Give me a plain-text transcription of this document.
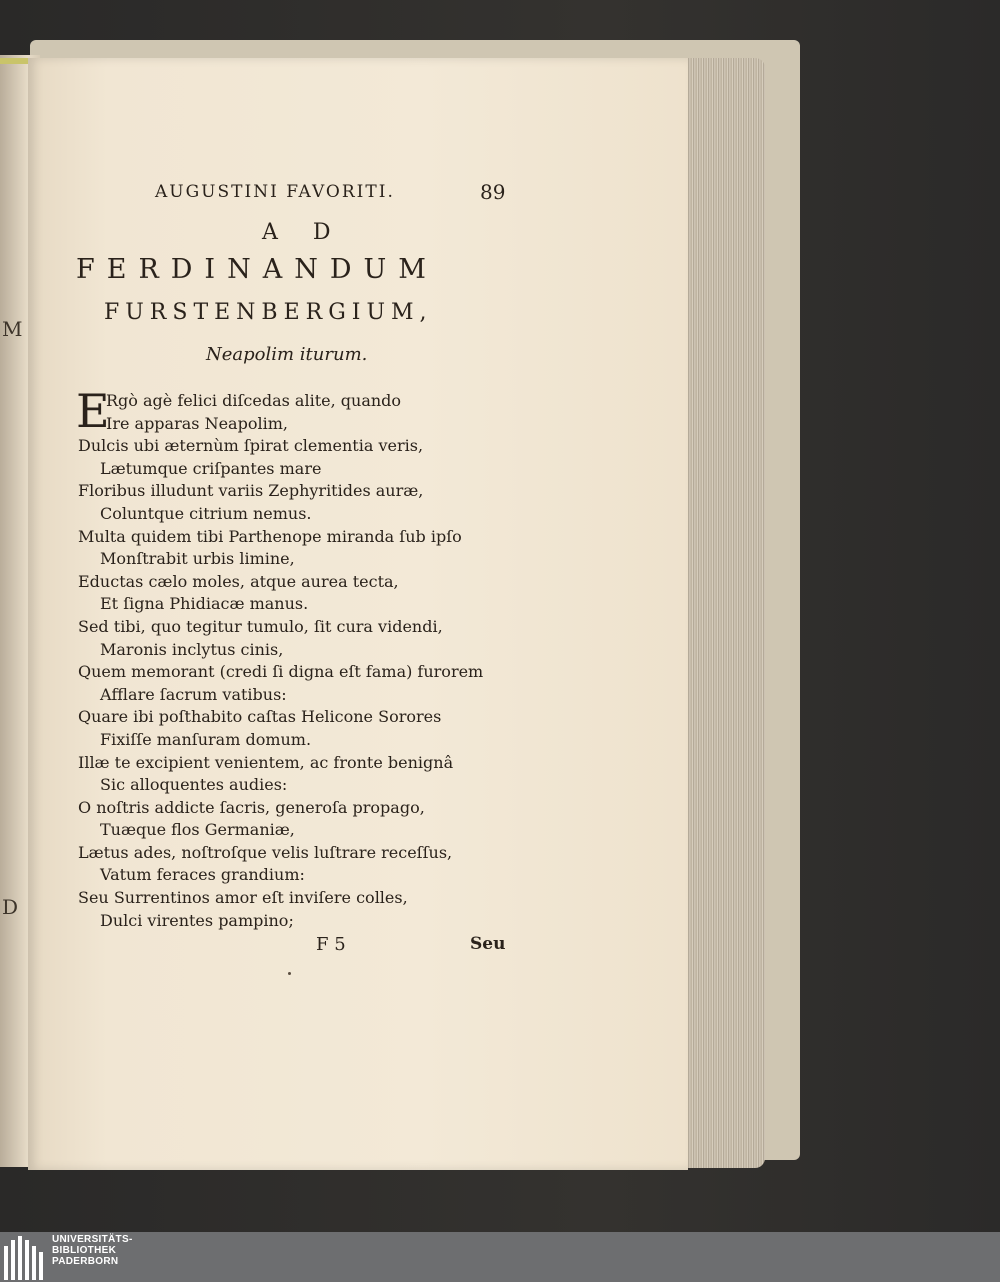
M
D
AUGUSTINI FAVORITI.	89
A D
FERDINANDUM
FURSTENBERGIUM,
Neapolim iturum.
E
Rgò agè felici diſcedas alite, quando
Ire apparas Neapolim,
Dulcis ubi æternùm ſpirat clementia veris,
Lætumque criſpantes mare
Floribus illudunt variis Zephyritides auræ,
Coluntque citrium nemus.
Multa quidem tibi Parthenope miranda ſub ipſo
Monſtrabit urbis limine,
Eductas cælo moles, atque aurea tecta,
Et ſigna Phidiacæ manus.
Sed tibi, quo tegitur tumulo, ſit cura videndi,
Maronis inclytus cinis,
Quem memorant (credi ſi digna eſt fama) furorem
Afflare ſacrum vatibus:
Quare ibi poſthabito caſtas Helicone Sorores
Fixiſſe manſuram domum.
Illæ te excipient venientem, ac fronte benignâ
Sic alloquentes audies:
O noſtris addicte ſacris, generoſa propago,
Tuæque flos Germaniæ,
Lætus ades, noſtroſque velis luſtrare receſſus,
Vatum feraces grandium:
Seu Surrentinos amor eſt inviſere colles,
Dulci virentes pampino;
F 5	Seu
UNIVERSITÄTS-
BIBLIOTHEK
PADERBORN
